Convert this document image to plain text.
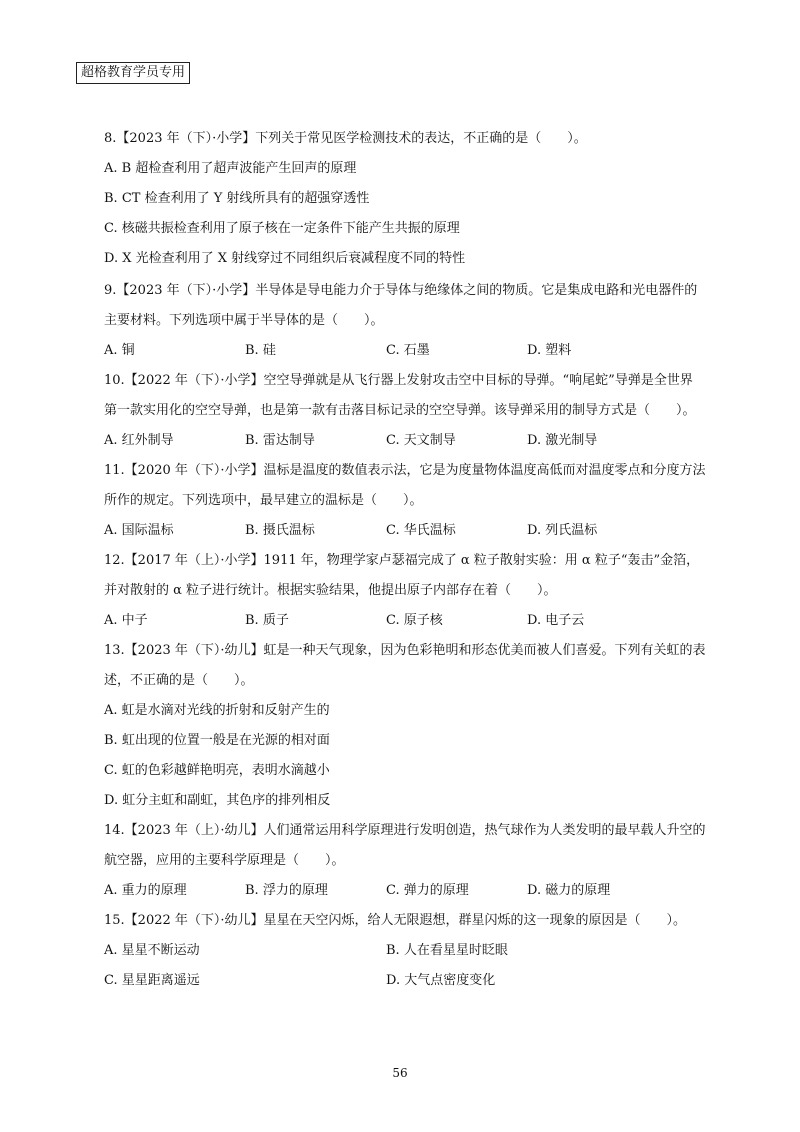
超格教育学员专用

8.【2023 年（下）·小学】下列关于常见医学检测技术的表达，不正确的是（　　）。

A. B 超检查利用了超声波能产生回声的原理

B. CT 检查利用了 Y 射线所具有的超强穿透性

C. 核磁共振检查利用了原子核在一定条件下能产生共振的原理

D. X 光检查利用了 X 射线穿过不同组织后衰减程度不同的特性

9.【2023 年（下）·小学】半导体是导电能力介于导体与绝缘体之间的物质。它是集成电路和光电器件的

主要材料。下列选项中属于半导体的是（　　）。

A. 铜	B. 硅	C. 石墨	D. 塑料

10.【2022 年（下）·小学】空空导弹就是从飞行器上发射攻击空中目标的导弹。“响尾蛇”导弹是全世界

第一款实用化的空空导弹，也是第一款有击落目标记录的空空导弹。该导弹采用的制导方式是（　　）。

A. 红外制导	B. 雷达制导	C. 天文制导	D. 激光制导

11.【2020 年（下）·小学】温标是温度的数值表示法，它是为度量物体温度高低而对温度零点和分度方法

所作的规定。下列选项中，最早建立的温标是（　　）。

A. 国际温标	B. 摄氏温标	C. 华氏温标	D. 列氏温标

12.【2017 年（上）·小学】1911 年，物理学家卢瑟福完成了 α 粒子散射实验：用 α 粒子“轰击”金箔，

并对散射的 α 粒子进行统计。根据实验结果，他提出原子内部存在着（　　）。

A. 中子	B. 质子	C. 原子核	D. 电子云

13.【2023 年（下）·幼儿】虹是一种天气现象，因为色彩艳明和形态优美而被人们喜爱。下列有关虹的表

述，不正确的是（　　）。

A. 虹是水滴对光线的折射和反射产生的

B. 虹出现的位置一般是在光源的相对面

C. 虹的色彩越鲜艳明亮，表明水滴越小

D. 虹分主虹和副虹，其色序的排列相反

14.【2023 年（上）·幼儿】人们通常运用科学原理进行发明创造，热气球作为人类发明的最早载人升空的

航空器，应用的主要科学原理是（　　）。

A. 重力的原理	B. 浮力的原理	C. 弹力的原理	D. 磁力的原理

15.【2022 年（下）·幼儿】星星在天空闪烁，给人无限遐想，群星闪烁的这一现象的原因是（　　）。

A. 星星不断运动	B. 人在看星星时眨眼
C. 星星距离遥远	D. 大气点密度变化
56
